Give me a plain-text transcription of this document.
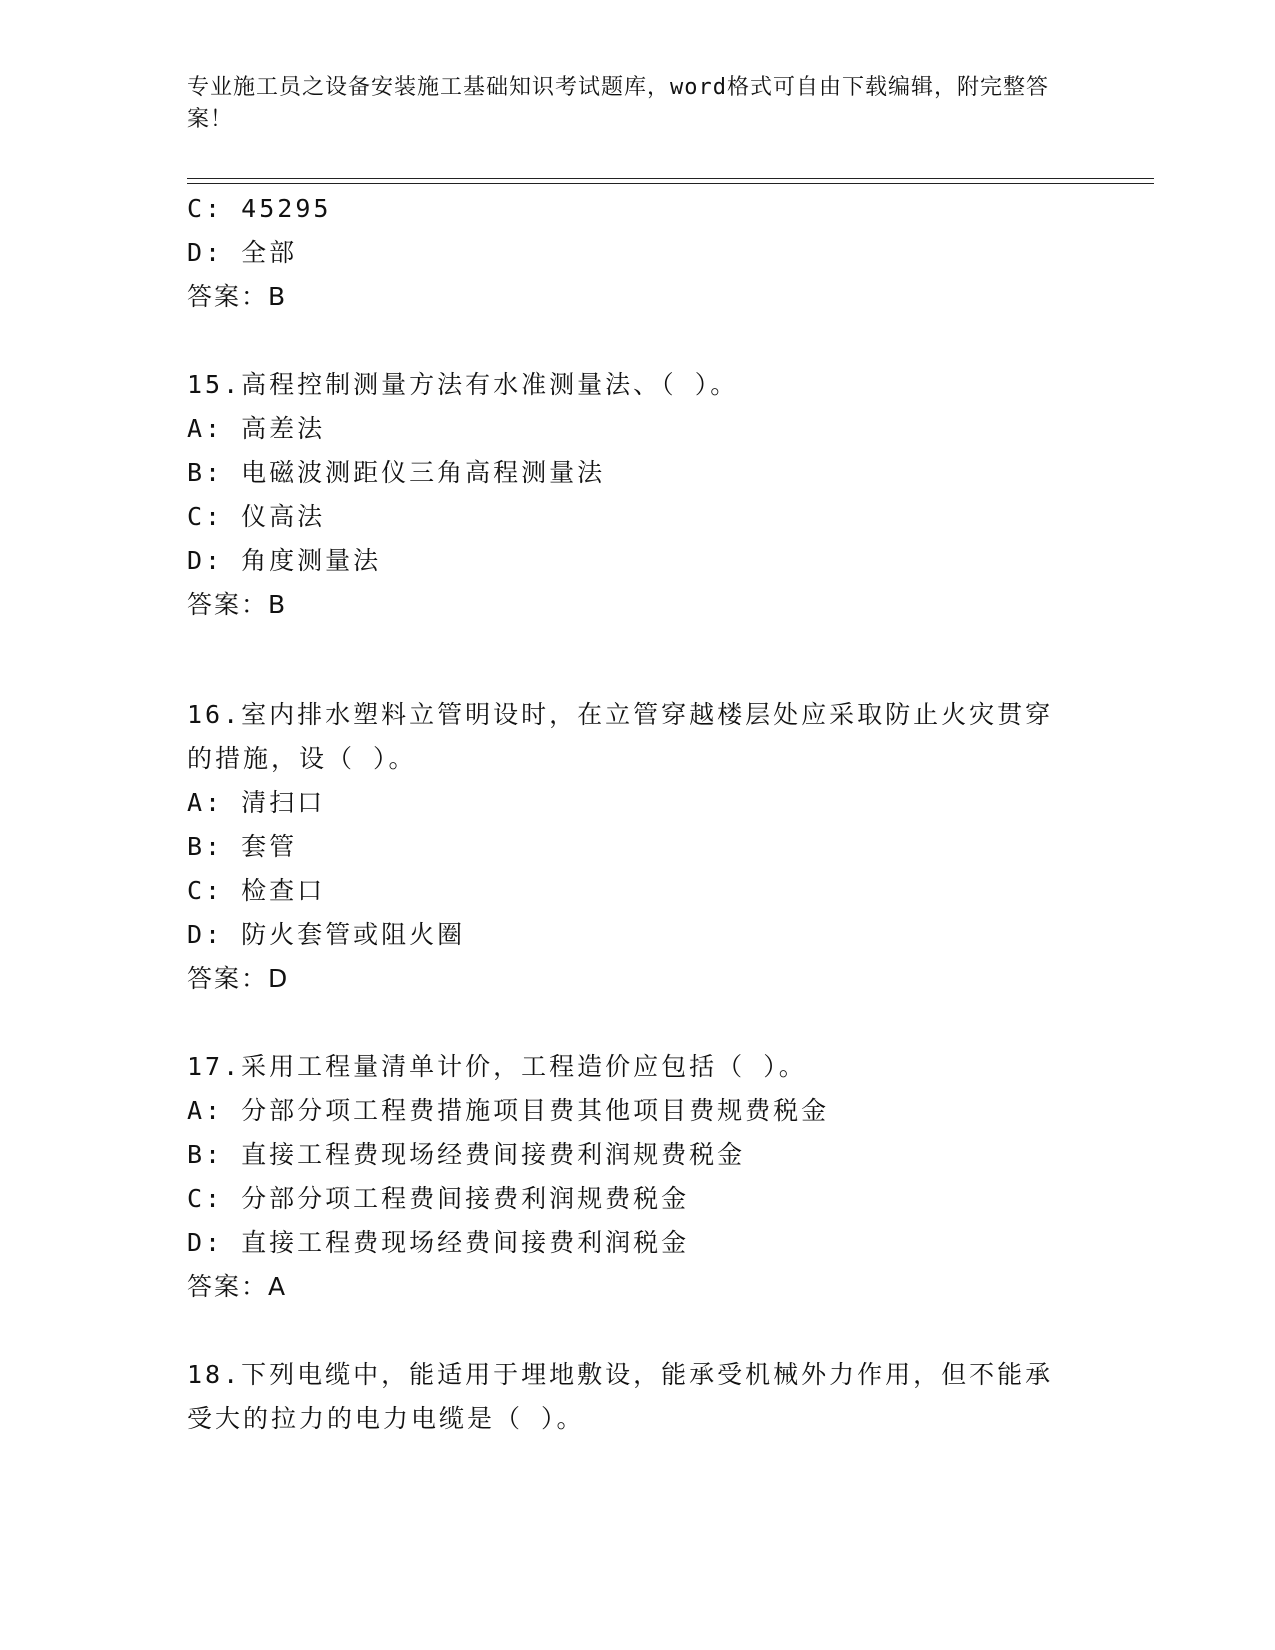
专业施工员之设备安装施工基础知识考试题库，word格式可自由下载编辑，附完整答案！
C: 45295
D: 全部
答案：B
15.高程控制测量方法有水准测量法、（ ）。
A: 高差法
B: 电磁波测距仪三角高程测量法
C: 仪高法
D: 角度测量法
答案：B
16.室内排水塑料立管明设时，在立管穿越楼层处应采取防止火灾贯穿
的措施，设（ ）。
A: 清扫口
B: 套管
C: 检查口
D: 防火套管或阻火圈
答案：D
17.采用工程量清单计价，工程造价应包括（ ）。
A: 分部分项工程费措施项目费其他项目费规费税金
B: 直接工程费现场经费间接费利润规费税金
C: 分部分项工程费间接费利润规费税金
D: 直接工程费现场经费间接费利润税金
答案：A
18.下列电缆中，能适用于埋地敷设，能承受机械外力作用，但不能承
受大的拉力的电力电缆是（ ）。
